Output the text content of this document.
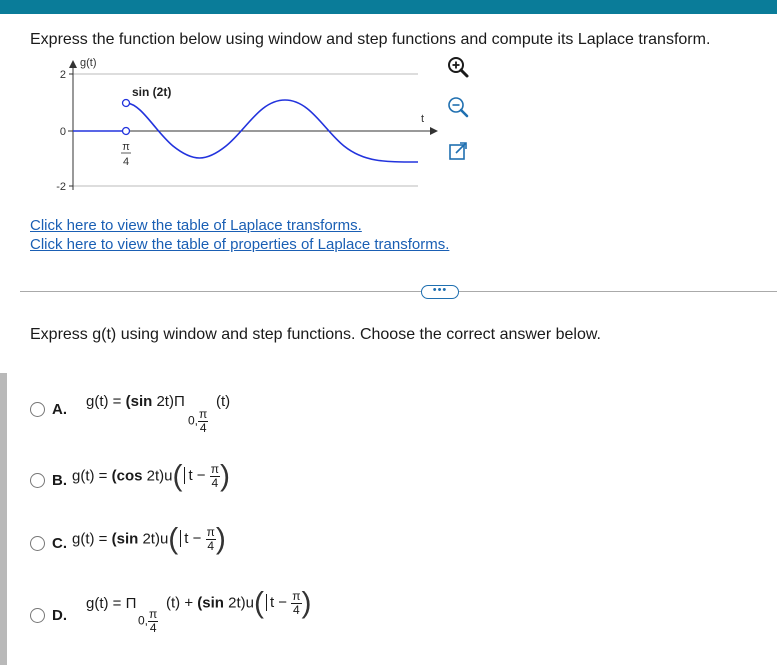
Express the function below using window and step functions and compute its Laplace transform.
2
0
-2
g(t)
t
π
4
sin (2t)
Click here to view the table of Laplace transforms.
Click here to view the table of properties of Laplace transforms.
•••
Express g(t) using window and step functions. Choose the correct answer below.
A. g(t) = (sin 2t)Π
0, $\frac{\pi}{4}$
(t)
B. g(t) = (cos 2t)u( $t - \frac{\pi}{4}$ )
C. g(t) = (sin 2t)u( $t - \frac{\pi}{4}$ )
D.
g(t) = Π
0, $\frac{\pi}{4}$
(t) + (sin 2t)u( $t - \frac{\pi}{4}$ )
